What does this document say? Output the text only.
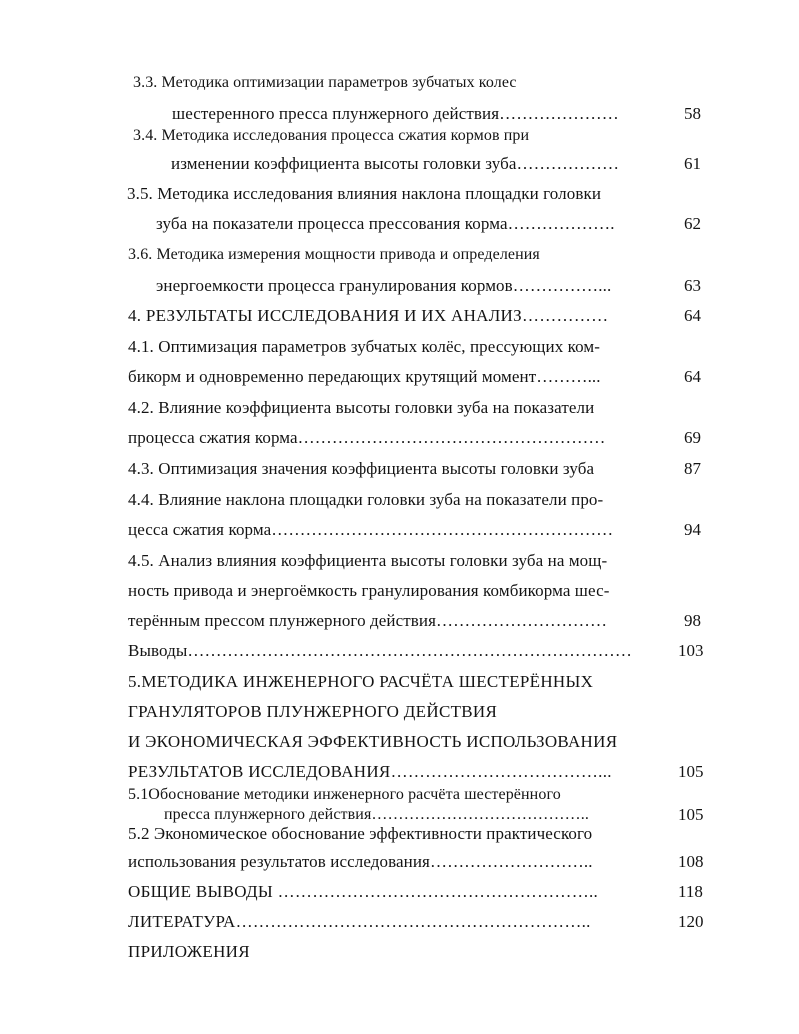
3.3. Методика оптимизации параметров зубчатых колес
шестеренного пресса плунжерного действия…………………	58
3.4. Методика исследования процесса сжатия кормов при
изменении коэффициента высоты головки зуба………………	61
3.5. Методика исследования влияния наклона площадки головки
зуба на показатели процесса прессования корма……………….	62
3.6. Методика измерения мощности привода и определения
энергоемкости процесса гранулирования кормов……………...	63
4. РЕЗУЛЬТАТЫ ИССЛЕДОВАНИЯ И ИХ АНАЛИЗ……………	64
4.1. Оптимизация параметров зубчатых колёс, прессующих ком-
бикорм и одновременно передающих крутящий момент………...	64
4.2. Влияние коэффициента высоты головки зуба на показатели
процесса сжатия корма………………………………………………	69
4.3. Оптимизация значения коэффициента высоты головки зуба	87
4.4. Влияние наклона площадки головки зуба на показатели про-
цесса сжатия корма……………………………………………………	94
4.5. Анализ влияния коэффициента высоты головки зуба на мощ-
ность привода и энергоёмкость гранулирования комбикорма шес-
терённым прессом плунжерного действия…………………………	98
Выводы……………………………………………………………………	103
5.МЕТОДИКА ИНЖЕНЕРНОГО РАСЧЁТА ШЕСТЕРЁННЫХ
ГРАНУЛЯТОРОВ ПЛУНЖЕРНОГО ДЕЙСТВИЯ
И ЭКОНОМИЧЕСКАЯ ЭФФЕКТИВНОСТЬ ИСПОЛЬЗОВАНИЯ
РЕЗУЛЬТАТОВ ИССЛЕДОВАНИЯ………………………………...	105
5.1Обоснование методики инженерного расчёта шестерённого
пресса плунжерного действия…………………………………..	105
5.2 Экономическое обоснование эффективности практического
использования результатов исследования………………………..	108
ОБЩИЕ ВЫВОДЫ ………………………………………………..	118
ЛИТЕРАТУРА……………………………………………………..	120
ПРИЛОЖЕНИЯ
